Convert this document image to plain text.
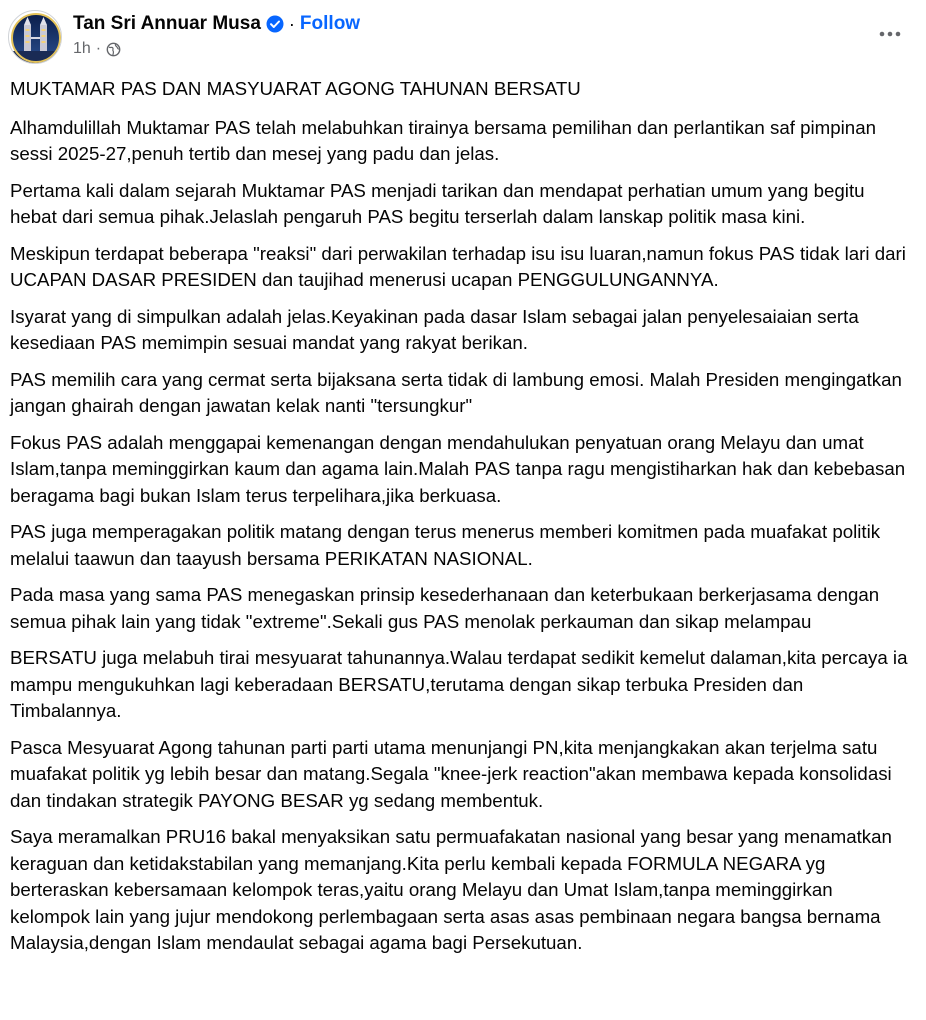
Tan Sri Annuar Musa · Follow
1h ·

MUKTAMAR PAS DAN MASYUARAT AGONG TAHUNAN BERSATU

Alhamdulillah Muktamar PAS telah melabuhkan tirainya bersama pemilihan dan perlantikan saf pimpinan sessi 2025-27,penuh tertib dan mesej yang padu dan jelas.

Pertama kali dalam sejarah Muktamar PAS menjadi tarikan dan mendapat perhatian umum yang begitu hebat dari semua pihak.Jelaslah pengaruh PAS begitu terserlah dalam lanskap politik masa kini.

Meskipun terdapat beberapa "reaksi" dari perwakilan terhadap isu isu luaran,namun fokus PAS tidak lari dari UCAPAN DASAR PRESIDEN dan taujihad menerusi ucapan PENGGULUNGANNYA.

Isyarat yang di simpulkan adalah jelas.Keyakinan pada dasar Islam sebagai jalan penyelesaiaian serta kesediaan PAS memimpin sesuai mandat yang rakyat berikan.

PAS memilih cara yang cermat serta bijaksana serta tidak di lambung emosi. Malah Presiden mengingatkan jangan ghairah dengan jawatan kelak nanti "tersungkur"

Fokus PAS adalah menggapai kemenangan dengan mendahulukan penyatuan orang Melayu dan umat Islam,tanpa meminggirkan kaum dan agama lain.Malah PAS tanpa ragu mengistiharkan hak dan kebebasan beragama bagi bukan Islam terus terpelihara,jika berkuasa.

PAS juga memperagakan politik matang dengan terus menerus memberi komitmen pada muafakat politik melalui taawun dan taayush bersama PERIKATAN NASIONAL.

Pada masa yang sama PAS menegaskan prinsip kesederhanaan dan keterbukaan berkerjasama dengan semua pihak lain yang tidak "extreme".Sekali gus PAS menolak perkauman dan sikap melampau

BERSATU juga melabuh tirai mesyuarat tahunannya.Walau terdapat sedikit kemelut dalaman,kita percaya ia mampu mengukuhkan lagi keberadaan BERSATU,terutama dengan sikap terbuka Presiden dan Timbalannya.

Pasca Mesyuarat Agong tahunan parti parti utama menunjangi PN,kita menjangkakan akan terjelma satu muafakat politik yg lebih besar dan matang.Segala "knee-jerk reaction"akan membawa kepada konsolidasi dan tindakan strategik PAYONG BESAR yg sedang membentuk.

Saya meramalkan PRU16 bakal menyaksikan satu permuafakatan nasional yang besar yang menamatkan keraguan dan ketidakstabilan yang memanjang.Kita perlu kembali kepada FORMULA NEGARA yg berteraskan kebersamaan kelompok teras,yaitu orang Melayu dan Umat Islam,tanpa meminggirkan kelompok lain yang jujur mendokong perlembagaan serta asas asas pembinaan negara bangsa bernama Malaysia,dengan Islam mendaulat sebagai agama bagi Persekutuan.
